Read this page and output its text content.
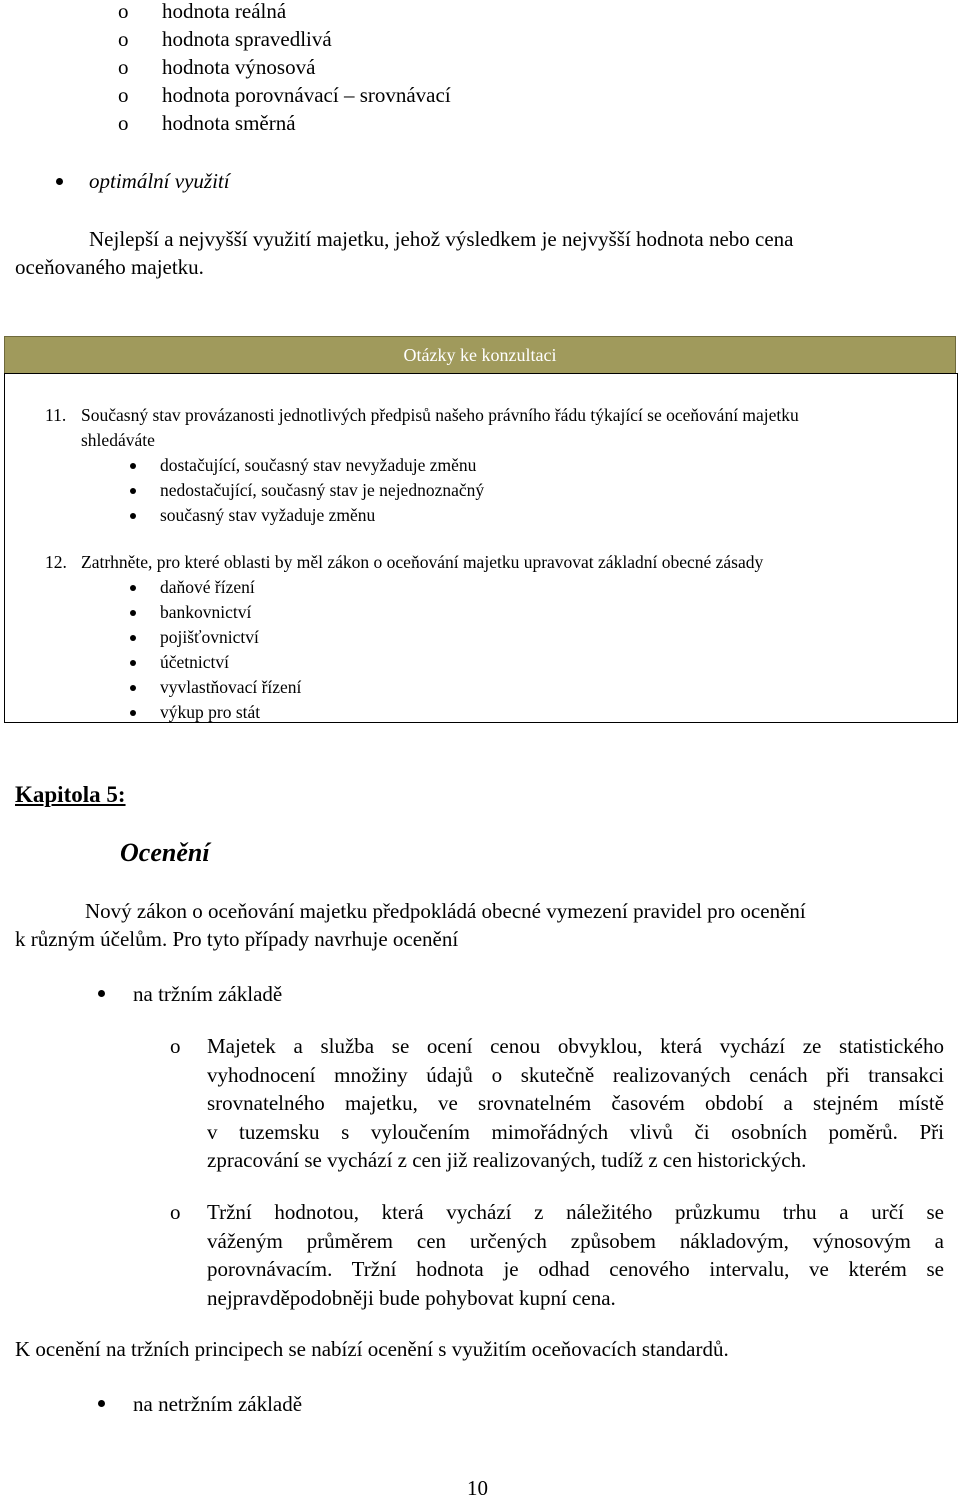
o hodnota reálná
o hodnota spravedlivá
o hodnota výnosová
o hodnota porovnávací – srovnávací
o hodnota směrná
optimální využití
Nejlepší a nejvyšší využití majetku, jehož výsledkem je nejvyšší hodnota nebo cena
oceňovaného majetku.
Otázky ke konzultaci
11. Současný stav provázanosti jednotlivých předpisů našeho právního řádu týkající se oceňování majetku
shledáváte
dostačující, současný stav nevyžaduje změnu
nedostačující, současný stav je nejednoznačný
současný stav vyžaduje změnu
12. Zatrhněte, pro které oblasti by měl zákon o oceňování majetku upravovat základní obecné zásady
daňové řízení
bankovnictví
pojišťovnictví
účetnictví
vyvlastňovací řízení
výkup pro stát
Kapitola 5:
Ocenění
Nový zákon o oceňování majetku předpokládá obecné vymezení pravidel pro ocenění
k různým účelům. Pro tyto případy navrhuje ocenění
na tržním základě
o Majetek a služba se ocení cenou obvyklou, která vychází ze statistického
vyhodnocení množiny údajů o skutečně realizovaných cenách při transakci
srovnatelného majetku, ve srovnatelném časovém období a stejném místě
v tuzemsku s vyloučením mimořádných vlivů či osobních poměrů. Při
zpracování se vychází z cen již realizovaných, tudíž z cen historických.
o Tržní hodnotou, která vychází z náležitého průzkumu trhu a určí se
váženým průměrem cen určených způsobem nákladovým, výnosovým a
porovnávacím. Tržní hodnota je odhad cenového intervalu, ve kterém se
nejpravděpodobněji bude pohybovat kupní cena.
K ocenění na tržních principech se nabízí ocenění s využitím oceňovacích standardů.
na netržním základě
10
